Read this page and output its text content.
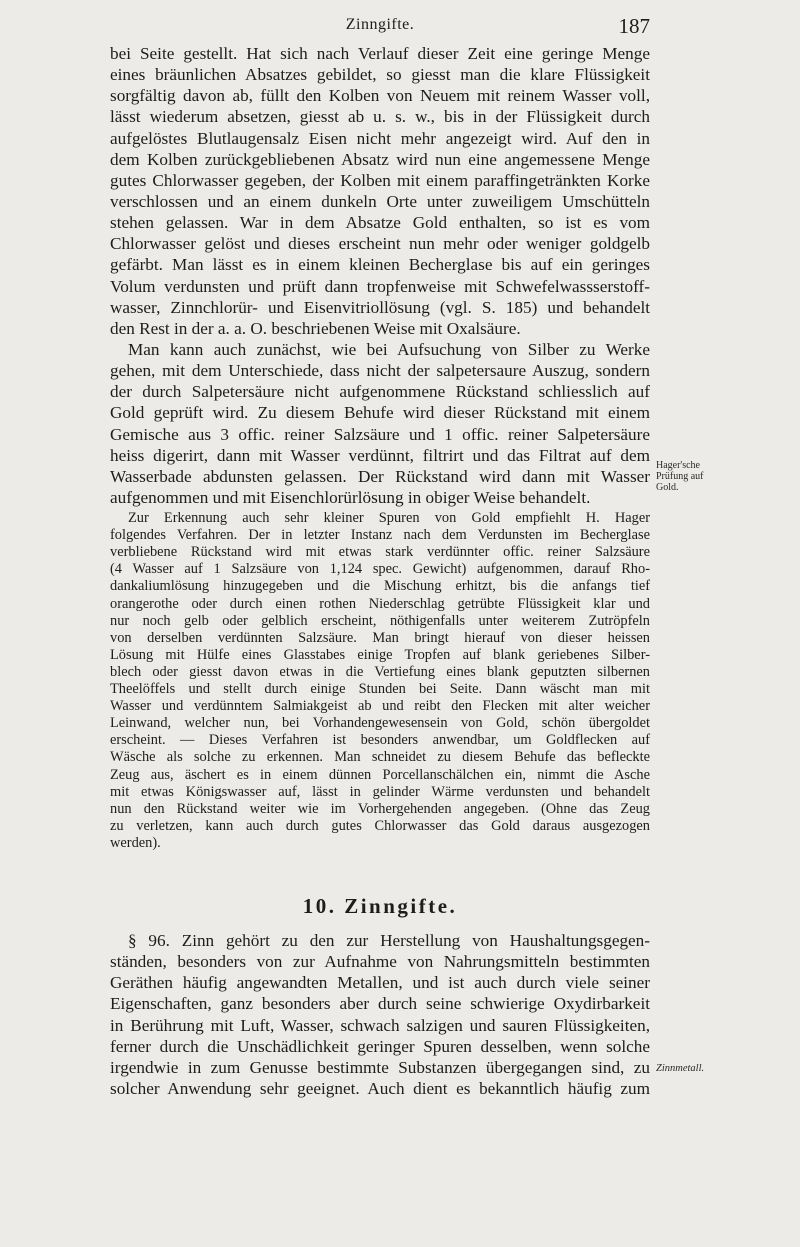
Zinngifte.	187
bei Seite gestellt. Hat sich nach Verlauf dieser Zeit eine geringe Menge
eines bräunlichen Absatzes gebildet, so giesst man die klare Flüssigkeit
sorgfältig davon ab, füllt den Kolben von Neuem mit reinem Wasser voll,
lässt wiederum absetzen, giesst ab u. s. w., bis in der Flüssigkeit durch
aufgelöstes Blutlaugensalz Eisen nicht mehr angezeigt wird. Auf den in
dem Kolben zurückgebliebenen Absatz wird nun eine angemessene Menge
gutes Chlorwasser gegeben, der Kolben mit einem paraffingetränkten Korke
verschlossen und an einem dunkeln Orte unter zuweiligem Umschütteln
stehen gelassen. War in dem Absatze Gold enthalten, so ist es vom
Chlorwasser gelöst und dieses erscheint nun mehr oder weniger goldgelb
gefärbt. Man lässt es in einem kleinen Becherglase bis auf ein geringes
Volum verdunsten und prüft dann tropfenweise mit Schwefelwassserstoff-
wasser, Zinnchlorür- und Eisenvitriollösung (vgl. S. 185) und behandelt
den Rest in der a. a. O. beschriebenen Weise mit Oxalsäure.
Man kann auch zunächst, wie bei Aufsuchung von Silber zu Werke
gehen, mit dem Unterschiede, dass nicht der salpetersaure Auszug, sondern
der durch Salpetersäure nicht aufgenommene Rückstand schliesslich auf
Gold geprüft wird. Zu diesem Behufe wird dieser Rückstand mit einem
Gemische aus 3 offic. reiner Salzsäure und 1 offic. reiner Salpetersäure
heiss digerirt, dann mit Wasser verdünnt, filtrirt und das Filtrat auf dem
Wasserbade abdunsten gelassen. Der Rückstand wird dann mit Wasser
aufgenommen und mit Eisenchlorürlösung in obiger Weise behandelt.
Zur Erkennung auch sehr kleiner Spuren von Gold empfiehlt H. Hager
folgendes Verfahren. Der in letzter Instanz nach dem Verdunsten im Becherglase
verbliebene Rückstand wird mit etwas stark verdünnter offic. reiner Salzsäure
(4 Wasser auf 1 Salzsäure von 1,124 spec. Gewicht) aufgenommen, darauf Rho-
dankaliumlösung hinzugegeben und die Mischung erhitzt, bis die anfangs tief
orangerothe oder durch einen rothen Niederschlag getrübte Flüssigkeit klar und
nur noch gelb oder gelblich erscheint, nöthigenfalls unter weiterem Zutröpfeln
von derselben verdünnten Salzsäure. Man bringt hierauf von dieser heissen
Lösung mit Hülfe eines Glasstabes einige Tropfen auf blank geriebenes Silber-
blech oder giesst davon etwas in die Vertiefung eines blank geputzten silbernen
Theelöffels und stellt durch einige Stunden bei Seite. Dann wäscht man mit
Wasser und verdünntem Salmiakgeist ab und reibt den Flecken mit alter weicher
Leinwand, welcher nun, bei Vorhandengewesensein von Gold, schön übergoldet
erscheint. — Dieses Verfahren ist besonders anwendbar, um Goldflecken auf
Wäsche als solche zu erkennen. Man schneidet zu diesem Behufe das befleckte
Zeug aus, äschert es in einem dünnen Porcellanschälchen ein, nimmt die Asche
mit etwas Königswasser auf, lässt in gelinder Wärme verdunsten und behandelt
nun den Rückstand weiter wie im Vorhergehenden angegeben. (Ohne das Zeug
zu verletzen, kann auch durch gutes Chlorwasser das Gold daraus ausgezogen
werden).
10. Zinngifte.
§ 96. Zinn gehört zu den zur Herstellung von Haushaltungsgegen-
ständen, besonders von zur Aufnahme von Nahrungsmitteln bestimmten
Geräthen häufig angewandten Metallen, und ist auch durch viele seiner
Eigenschaften, ganz besonders aber durch seine schwierige Oxydirbarkeit
in Berührung mit Luft, Wasser, schwach salzigen und sauren Flüssigkeiten,
ferner durch die Unschädlichkeit geringer Spuren desselben, wenn solche
irgendwie in zum Genusse bestimmte Substanzen übergegangen sind, zu
solcher Anwendung sehr geeignet. Auch dient es bekanntlich häufig zum
Hager'sche
Prüfung auf
Gold.
Zinnmetall.
